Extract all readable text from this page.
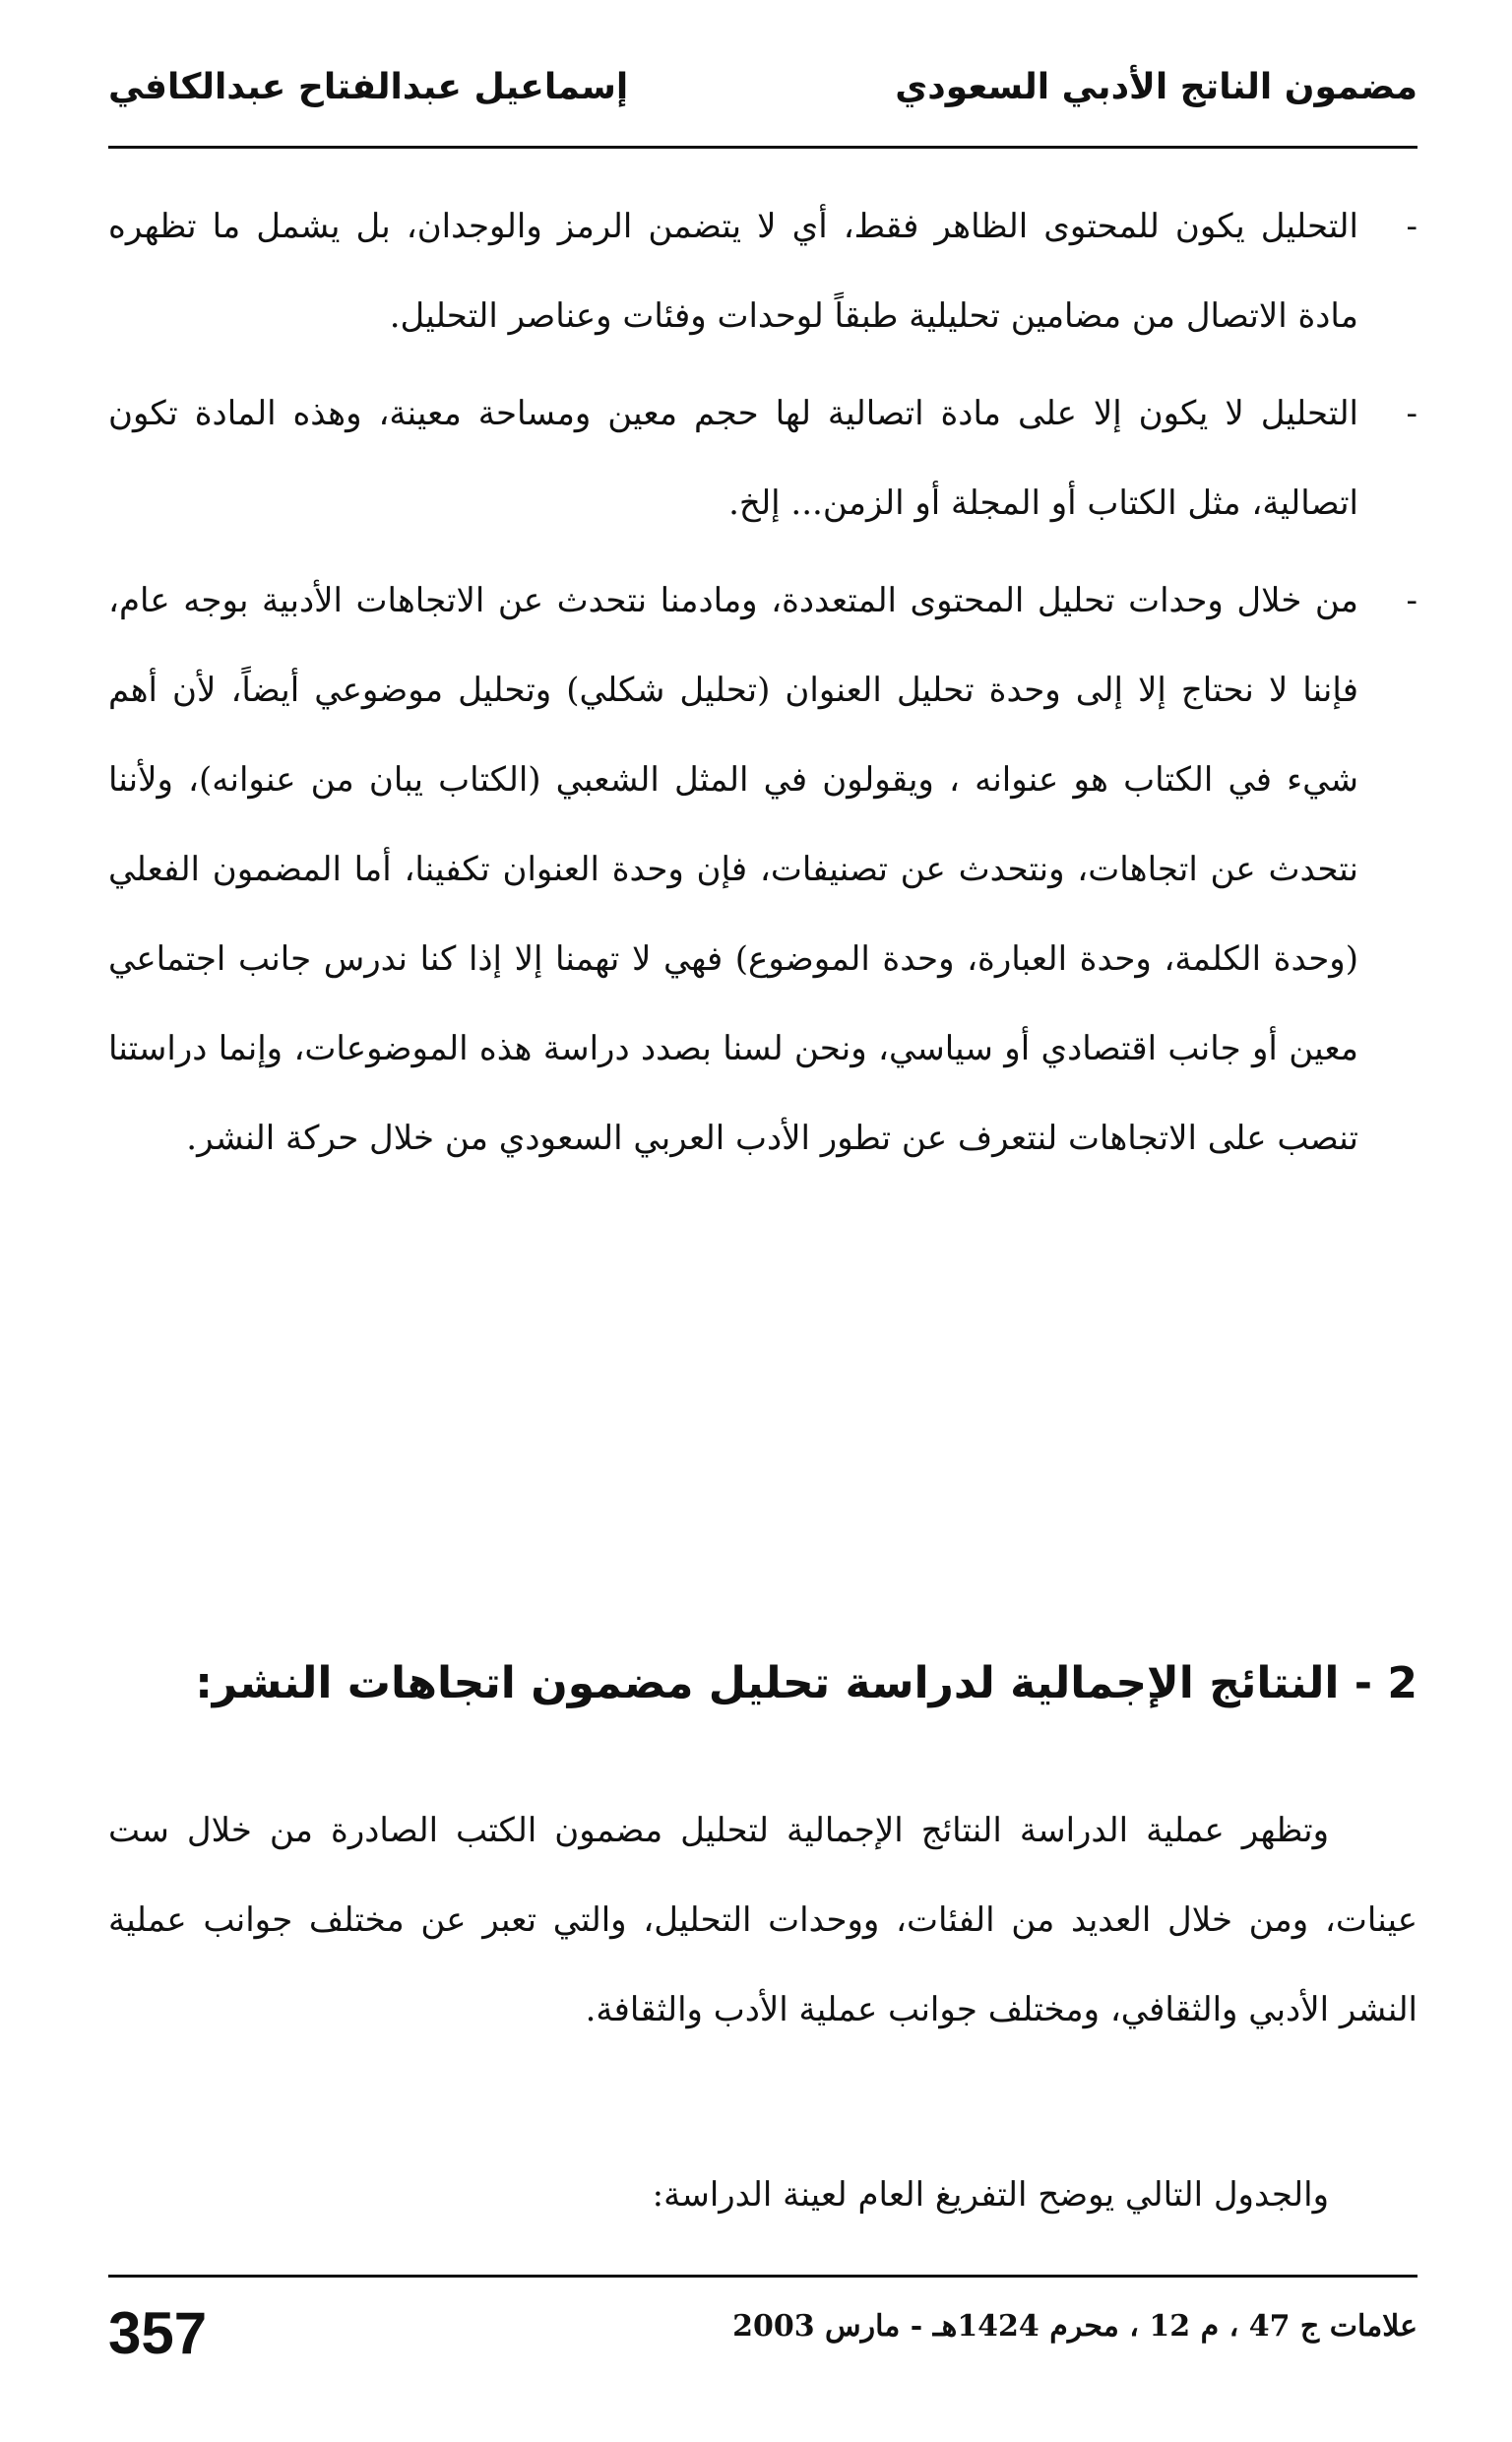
مضمون الناتج الأدبي السعودي
إسماعيل عبدالفتاح عبدالكافي

-
التحليل يكون للمحتوى الظاهر فقط، أي لا يتضمن الرمز والوجدان، بل يشمل ما تظهره مادة الاتصال من مضامين تحليلية طبقاً لوحدات وفئات وعناصر التحليل.

-
التحليل لا يكون إلا على مادة اتصالية لها حجم معين ومساحة معينة، وهذه المادة تكون اتصالية، مثل الكتاب أو المجلة أو الزمن... إلخ.

-
من خلال وحدات تحليل المحتوى المتعددة، ومادمنا نتحدث عن الاتجاهات الأدبية بوجه عام، فإننا لا نحتاج إلا إلى وحدة تحليل العنوان (تحليل شكلي) وتحليل موضوعي أيضاً، لأن أهم شيء في الكتاب هو عنوانه ، ويقولون في المثل الشعبي (الكتاب يبان من عنوانه)، ولأننا نتحدث عن اتجاهات، ونتحدث عن تصنيفات، فإن وحدة العنوان تكفينا، أما المضمون الفعلي (وحدة الكلمة، وحدة العبارة، وحدة الموضوع) فهي لا تهمنا إلا إذا كنا ندرس جانب اجتماعي معين أو جانب اقتصادي أو سياسي، ونحن لسنا بصدد دراسة هذه الموضوعات، وإنما دراستنا تنصب على الاتجاهات لنتعرف عن تطور الأدب العربي السعودي من خلال حركة النشر.

2 - النتائج الإجمالية لدراسة تحليل مضمون اتجاهات النشر:

وتظهر عملية الدراسة النتائج الإجمالية لتحليل مضمون الكتب الصادرة من خلال ست عينات، ومن خلال العديد من الفئات، ووحدات التحليل، والتي تعبر عن مختلف جوانب عملية النشر الأدبي والثقافي، ومختلف جوانب عملية الأدب والثقافة.

والجدول التالي يوضح التفريغ العام لعينة الدراسة:

357	علامات ج 47 ، م 12 ، محرم 1424هـ - مارس 2003
